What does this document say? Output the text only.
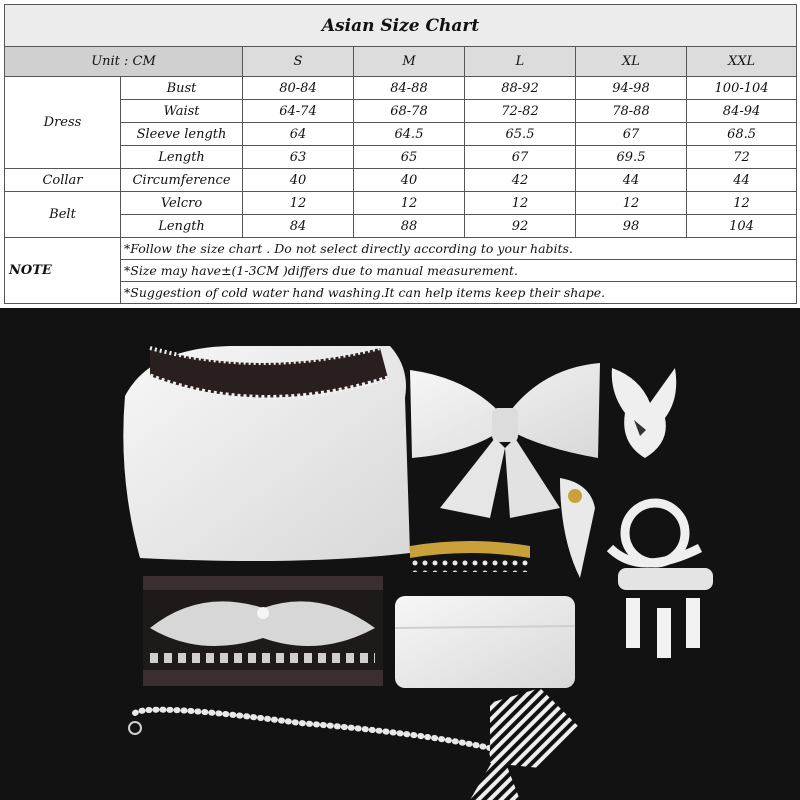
Asian Size Chart						
Unit : CM		S	M	L	XL	XXL
Dress	Bust	80-84	84-88	88-92	94-98	100-104
	Waist	64-74	68-78	72-82	78-88	84-94
	Sleeve length	64	64.5	65.5	67	68.5
	Length	63	65	67	69.5	72
Collar	Circumference	40	40	42	44	44
Belt	Velcro	12	12	12	12	12
	Length	84	88	92	98	104
NOTE	*Follow the size chart . Do not select directly according to your habits.					
	*Size may have±(1-3CM )differs due to manual measurement.					
	*Suggestion of cold water hand washing.It can help items keep their shape.					
